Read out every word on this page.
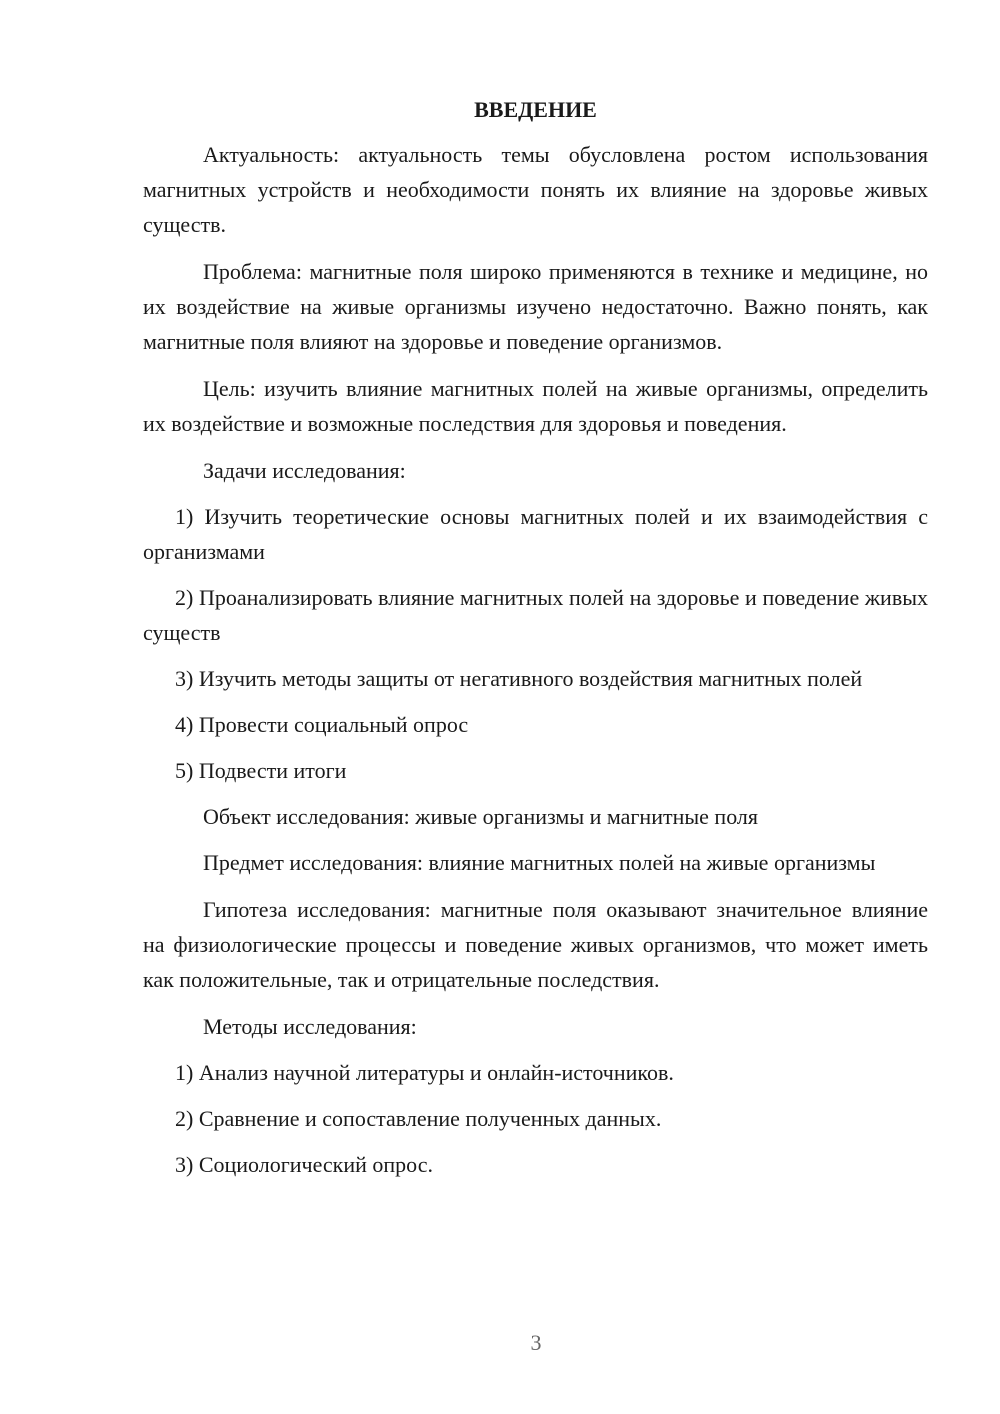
ВВЕДЕНИЕ

Актуальность: актуальность темы обусловлена ростом использования магнитных устройств и необходимости понять их влияние на здоровье живых существ.

Проблема: магнитные поля широко применяются в технике и медицине, но их воздействие на живые организмы изучено недостаточно. Важно понять, как магнитные поля влияют на здоровье и поведение организмов.

Цель: изучить влияние магнитных полей на живые организмы, определить их воздействие и возможные последствия для здоровья и поведения.

Задачи исследования:

1) Изучить теоретические основы магнитных полей и их взаимодействия с организмами

2) Проанализировать влияние магнитных полей на здоровье и поведение живых существ

3) Изучить методы защиты от негативного воздействия магнитных полей

4) Провести социальный опрос

5) Подвести итоги

Объект исследования: живые организмы и магнитные поля

Предмет исследования: влияние магнитных полей на живые организмы

Гипотеза исследования: магнитные поля оказывают значительное влияние на физиологические процессы и поведение живых организмов, что может иметь как положительные, так и отрицательные последствия.

Методы исследования:

1) Анализ научной литературы и онлайн-источников.

2) Сравнение и сопоставление полученных данных.

3) Социологический опрос.

3
